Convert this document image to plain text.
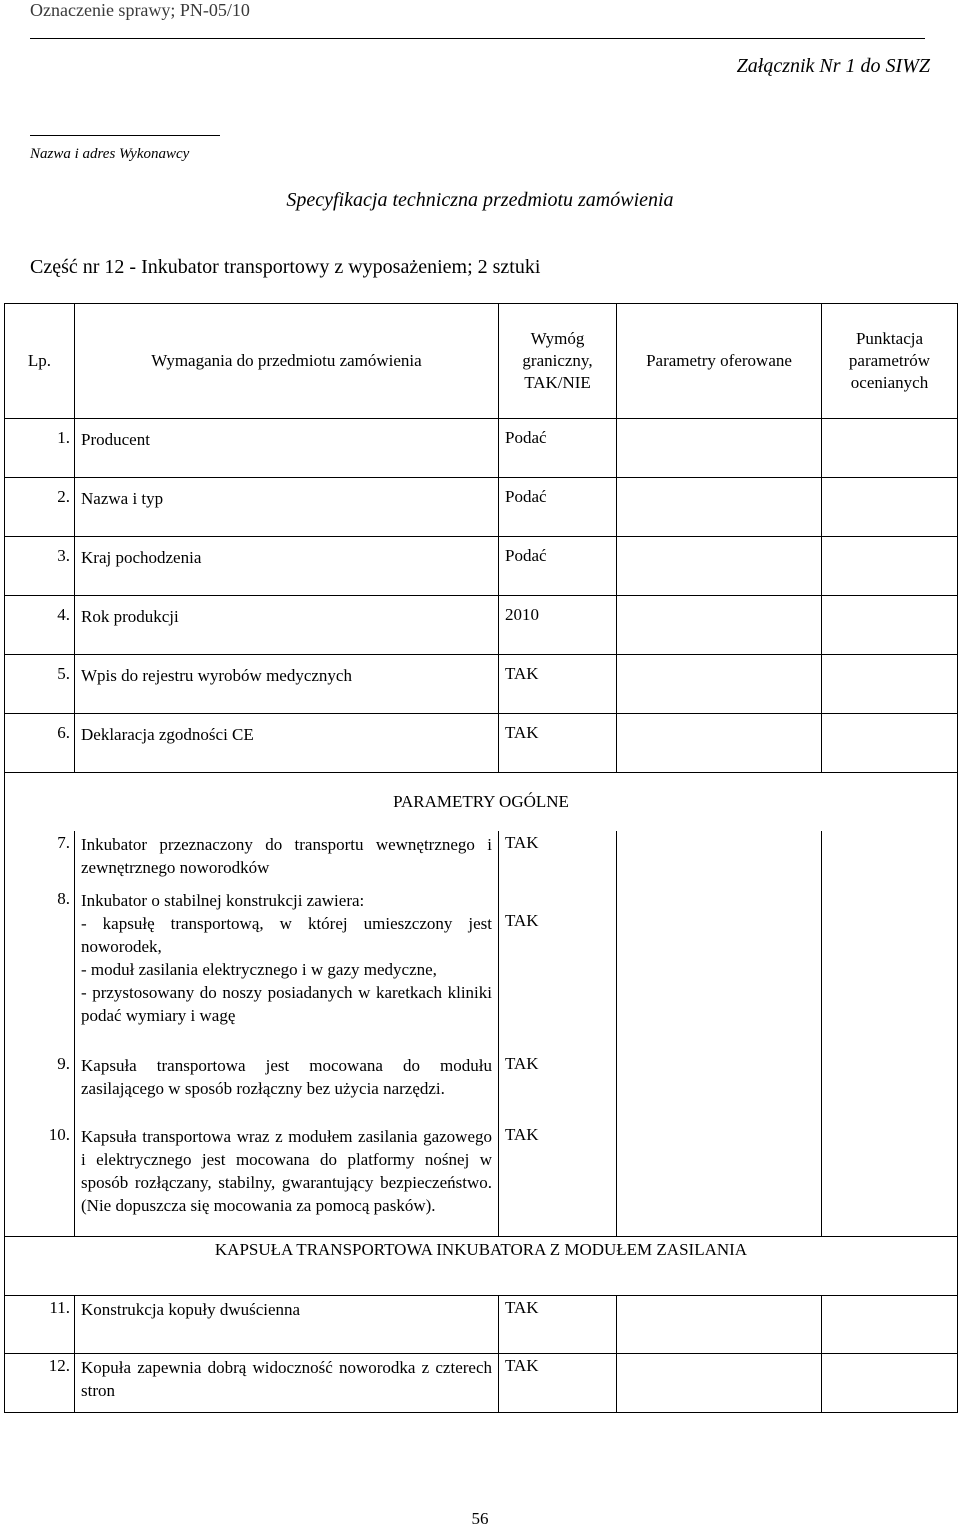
Oznaczenie sprawy; PN-05/10
Załącznik Nr 1 do SIWZ
Nazwa i adres Wykonawcy
Specyfikacja techniczna przedmiotu zamówienia
Część nr 12 - Inkubator transportowy z wyposażeniem; 2 sztuki
Lp.	Wymagania do przedmiotu zamówienia	Wymóg graniczny, TAK/NIE	Parametry oferowane	Punktacja parametrów ocenianych
1.	Producent	Podać		
2.	Nazwa i typ	Podać		
3.	Kraj pochodzenia	Podać		
4.	Rok produkcji	2010		
5.	Wpis do rejestru wyrobów medycznych	TAK		
6.	Deklaracja zgodności CE	TAK		
PARAMETRY OGÓLNE				
7.	Inkubator przeznaczony do transportu wewnętrznego i zewnętrznego noworodków	TAK		
8.	Inkubator o stabilnej konstrukcji zawiera:
- kapsułę transportową, w której umieszczony jest noworodek,
- moduł zasilania elektrycznego i w gazy medyczne,
- przystosowany do noszy posiadanych w karetkach kliniki podać wymiary i wagę	TAK		
9.	Kapsuła transportowa jest mocowana do modułu zasilającego w sposób rozłączny bez użycia narzędzi.	TAK		
10.	Kapsuła transportowa wraz z modułem zasilania gazowego i elektrycznego jest mocowana do platformy nośnej w sposób rozłączany, stabilny, gwarantujący bezpieczeństwo. (Nie dopuszcza się mocowania za pomocą pasków).	TAK		
KAPSUŁA TRANSPORTOWA INKUBATORA Z MODUŁEM ZASILANIA				
11.	Konstrukcja kopuły dwuścienna	TAK		
12.	Kopuła zapewnia dobrą widoczność noworodka z czterech stron	TAK		
56
